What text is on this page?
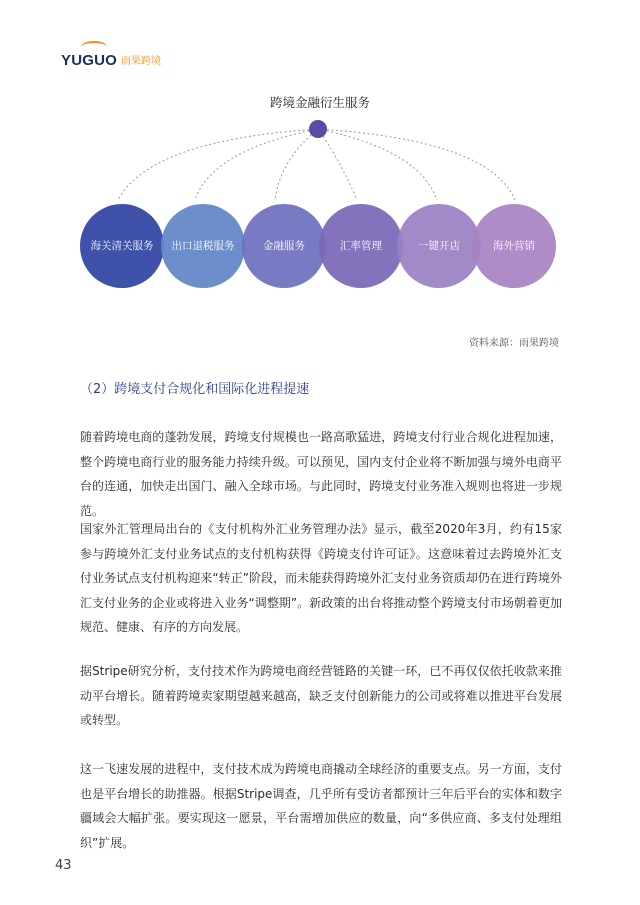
YUGUO 雨果跨境
跨境金融衍生服务
海关清关服务	出口退税服务	金融服务	汇率管理	一键开店	海外营销
资料来源：雨果跨境
（2）跨境支付合规化和国际化进程提速

随着跨境电商的蓬勃发展，跨境支付规模也一路高歌猛进，跨境支付行业合规化进程加速，整个跨境电商行业的服务能力持续升级。可以预见，国内支付企业将不断加强与境外电商平台的连通，加快走出国门、融入全球市场。与此同时，跨境支付业务准入规则也将进一步规范。

国家外汇管理局出台的《支付机构外汇业务管理办法》显示，截至2020年3月，约有15家参与跨境外汇支付业务试点的支付机构获得《跨境支付许可证》。这意味着过去跨境外汇支付业务试点支付机构迎来“转正”阶段，而未能获得跨境外汇支付业务资质却仍在进行跨境外汇支付业务的企业或将进入业务“调整期”。新政策的出台将推动整个跨境支付市场朝着更加规范、健康、有序的方向发展。

据Stripe研究分析，支付技术作为跨境电商经营链路的关键一环，已不再仅仅依托收款来推动平台增长。随着跨境卖家期望越来越高，缺乏支付创新能力的公司或将难以推进平台发展或转型。

这一飞速发展的进程中，支付技术成为跨境电商撬动全球经济的重要支点。另一方面，支付也是平台增长的助推器。根据Stripe调查，几乎所有受访者都预计三年后平台的实体和数字疆域会大幅扩张。要实现这一愿景，平台需增加供应的数量，向“多供应商、多支付处理组织”扩展。

43
